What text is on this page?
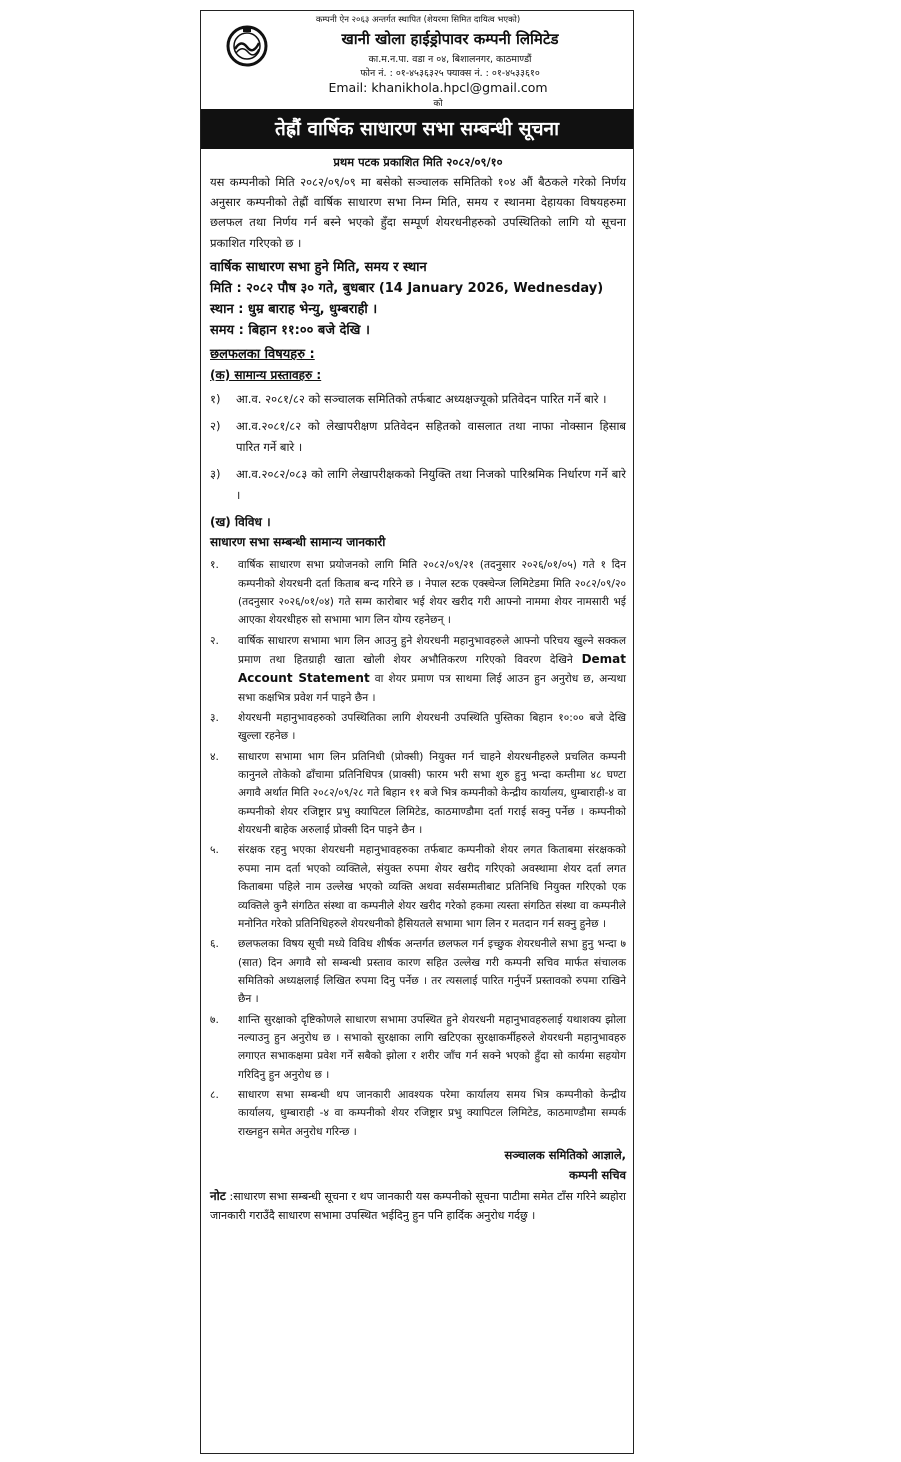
कम्पनी ऐन २०६३ अन्तर्गत स्थापित (शेयरमा सिमित दायित्व भएको)
खानी खोला हाईड्रोपावर कम्पनी लिमिटेड
का.म.न.पा. वडा न ०४, बिशालनगर, काठमाण्डौं
फोन नं. : ०१-४५३६३२५ फ्याक्स नं. : ०१-४५३३६१०
Email: khanikhola.hpcl@gmail.com
को
तेह्रौं वार्षिक साधारण सभा सम्बन्धी सूचना
प्रथम पटक प्रकाशित मिति २०८२/०९/१०

यस कम्पनीको मिति २०८२/०९/०९ मा बसेको सञ्चालक समितिको १०४ औं बैठकले गरेको निर्णय अनुसार कम्पनीको तेह्रौं वार्षिक साधारण सभा निम्न मिति, समय र स्थानमा देहायका विषयहरुमा छलफल तथा निर्णय गर्न बस्ने भएको हुँदा सम्पूर्ण शेयरधनीहरुको उपस्थितिको लागि यो सूचना प्रकाशित गरिएको छ ।

वार्षिक साधारण सभा हुने मिति, समय र स्थान
मिति : २०८२ पौष ३० गते, बुधबार (14 January 2026, Wednesday)
स्थान : धुम्र बाराह भेन्यु, धुम्बराही ।
समय : बिहान ११:०० बजे देखि ।
छलफलका विषयहरु :
(क) सामान्य प्रस्तावहरु :
१)	आ.व. २०८१/८२ को सञ्चालक समितिको तर्फबाट अध्यक्षज्यूको प्रतिवेदन पारित गर्ने बारे ।
२)	आ.व.२०८१/८२ को लेखापरीक्षण प्रतिवेदन सहितको वासलात तथा नाफा नोक्सान हिसाब पारित गर्ने बारे ।
३)	आ.व.२०८२/०८३ को लागि लेखापरीक्षकको नियुक्ति तथा निजको पारिश्रमिक निर्धारण गर्ने बारे ।
(ख) विविध ।
साधारण सभा सम्बन्धी सामान्य जानकारी
१.	वार्षिक साधारण सभा प्रयोजनको लागि मिति २०८२/०९/२१ (तदनुसार २०२६/०१/०५) गते १ दिन कम्पनीको शेयरधनी दर्ता किताब बन्द गरिने छ । नेपाल स्टक एक्स्चेन्ज लिमिटेडमा मिति २०८२/०९/२० (तदनुसार २०२६/०१/०४) गते सम्म कारोबार भई शेयर खरीद गरी आफ्नो नाममा शेयर नामसारी भई आएका शेयरधीहरु सो सभामा भाग लिन योग्य रहनेछन् ।
२.	वार्षिक साधारण सभामा भाग लिन आउनु हुने शेयरधनी महानुभावहरुले आफ्नो परिचय खुल्ने सक्कल प्रमाण तथा हितग्राही खाता खोली शेयर अभौतिकरण गरिएको विवरण देखिने Demat Account Statement वा शेयर प्रमाण पत्र साथमा लिई आउन हुन अनुरोध छ, अन्यथा सभा कक्षभित्र प्रवेश गर्न पाइने छैन ।
३.	शेयरधनी महानुभावहरुको उपस्थितिका लागि शेयरधनी उपस्थिति पुस्तिका बिहान १०:०० बजे देखि खुल्ला रहनेछ ।
४.	साधारण सभामा भाग लिन प्रतिनिधी (प्रोक्सी) नियुक्त गर्न चाहने शेयरधनीहरुले प्रचलित कम्पनी कानुनले तोकेको ढाँचामा प्रतिनिधिपत्र (प्राक्सी) फारम भरी सभा शुरु हुनु भन्दा कम्तीमा ४८ घण्टा अगावै अर्थात मिति २०८२/०९/२८ गते बिहान ११ बजे भित्र कम्पनीको केन्द्रीय कार्यालय, धुम्बाराही-४ वा कम्पनीको शेयर रजिष्ट्रार प्रभु क्यापिटल लिमिटेड, काठमाण्डौमा दर्ता गराई सक्नु पर्नेछ । कम्पनीको शेयरधनी बाहेक अरुलाई प्रोक्सी दिन पाइने छैन ।
५.	संरक्षक रहनु भएका शेयरधनी महानुभावहरुका तर्फबाट कम्पनीको शेयर लगत किताबमा संरक्षकको रुपमा नाम दर्ता भएको व्यक्तिले, संयुक्त रुपमा शेयर खरीद गरिएको अवस्थामा शेयर दर्ता लगत किताबमा पहिले नाम उल्लेख भएको व्यक्ति अथवा सर्वसम्मतीबाट प्रतिनिधि नियुक्त गरिएको एक व्यक्तिले कुनै संगठित संस्था वा कम्पनीले शेयर खरीद गरेको हकमा त्यस्ता संगठित संस्था वा कम्पनीले मनोनित गरेको प्रतिनिधिहरुले शेयरधनीको हैसियतले सभामा भाग लिन र मतदान गर्न सक्नु हुनेछ ।
६.	छलफलका विषय सूची मध्ये विविध शीर्षक अन्तर्गत छलफल गर्न इच्छुक शेयरधनीले सभा हुनु भन्दा ७ (सात) दिन अगावै सो सम्बन्धी प्रस्ताव कारण सहित उल्लेख गरी कम्पनी सचिव मार्फत संचालक समितिको अध्यक्षलाई लिखित रुपमा दिनु पर्नेछ । तर त्यसलाई पारित गर्नुपर्ने प्रस्तावको रुपमा राखिने छैन ।
७.	शान्ति सुरक्षाको दृष्टिकोणले साधारण सभामा उपस्थित हुने शेयरधनी महानुभावहरुलाई यथाशक्य झोला नल्याउनु हुन अनुरोध छ । सभाको सुरक्षाका लागि खटिएका सुरक्षाकर्मीहरुले शेयरधनी महानुभावहरु लगाएत सभाकक्षमा प्रवेश गर्ने सबैको झोला र शरीर जाँच गर्न सक्ने भएको हुँदा सो कार्यमा सहयोग गरिदिनु हुन अनुरोध छ ।
८.	साधारण सभा सम्बन्धी थप जानकारी आवश्यक परेमा कार्यालय समय भित्र कम्पनीको केन्द्रीय कार्यालय, धुम्बाराही -४ वा कम्पनीको शेयर रजिष्ट्रार प्रभु क्यापिटल लिमिटेड, काठमाण्डौमा सम्पर्क राख्नहुन समेत अनुरोध गरिन्छ ।
सञ्चालक समितिको आज्ञाले,
कम्पनी सचिव
नोट :साधारण सभा सम्बन्धी सूचना र थप जानकारी यस कम्पनीको सूचना पाटीमा समेत टाँस गरिने ब्यहोरा जानकारी गराउँदै साधारण सभामा उपस्थित भईदिनु हुन पनि हार्दिक अनुरोध गर्दछु ।
